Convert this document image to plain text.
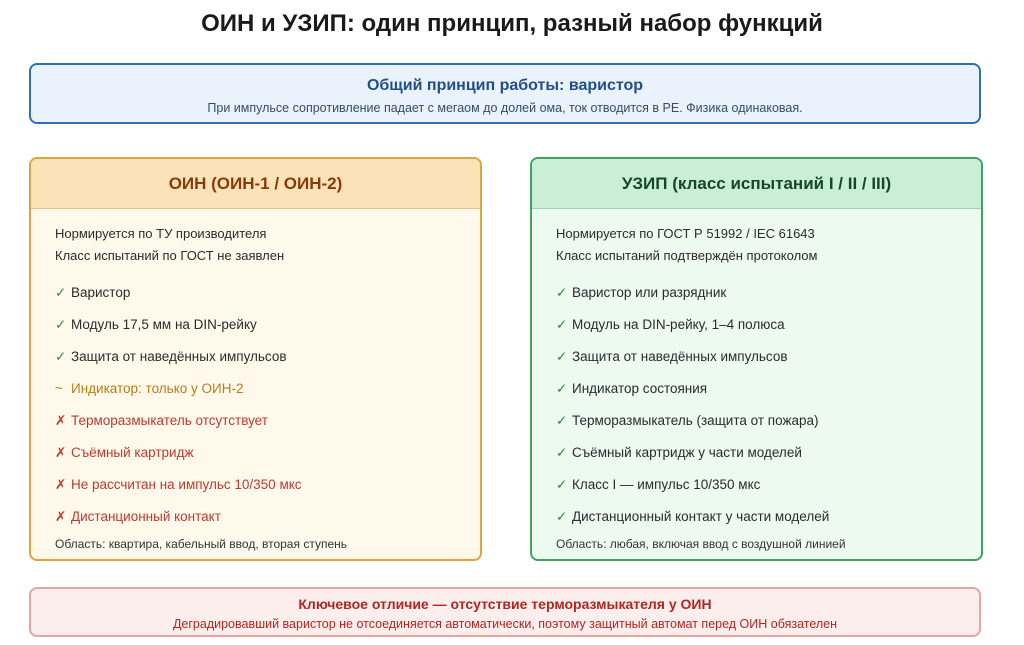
ОИН и УЗИП: один принцип, разный набор функций
Общий принцип работы: варистор
При импульсе сопротивление падает с мегаом до долей ома, ток отводится в PE. Физика одинаковая.
ОИН (ОИН-1 / ОИН-2)
Нормируется по ТУ производителя
Класс испытаний по ГОСТ не заявлен
✓ Варистор
✓ Модуль 17,5 мм на DIN-рейку
✓ Защита от наведённых импульсов
~ Индикатор: только у ОИН-2
✗ Терморазмыкатель отсутствует
✗ Съёмный картридж
✗ Не рассчитан на импульс 10/350 мкс
✗ Дистанционный контакт
Область: квартира, кабельный ввод, вторая ступень
УЗИП (класс испытаний I / II / III)
Нормируется по ГОСТ Р 51992 / IEC 61643
Класс испытаний подтверждён протоколом
✓ Варистор или разрядник
✓ Модуль на DIN-рейку, 1–4 полюса
✓ Защита от наведённых импульсов
✓ Индикатор состояния
✓ Терморазмыкатель (защита от пожара)
✓ Съёмный картридж у части моделей
✓ Класс I — импульс 10/350 мкс
✓ Дистанционный контакт у части моделей
Область: любая, включая ввод с воздушной линией
Ключевое отличие — отсутствие терморазмыкателя у ОИН
Деградировавший варистор не отсоединяется автоматически, поэтому защитный автомат перед ОИН обязателен
